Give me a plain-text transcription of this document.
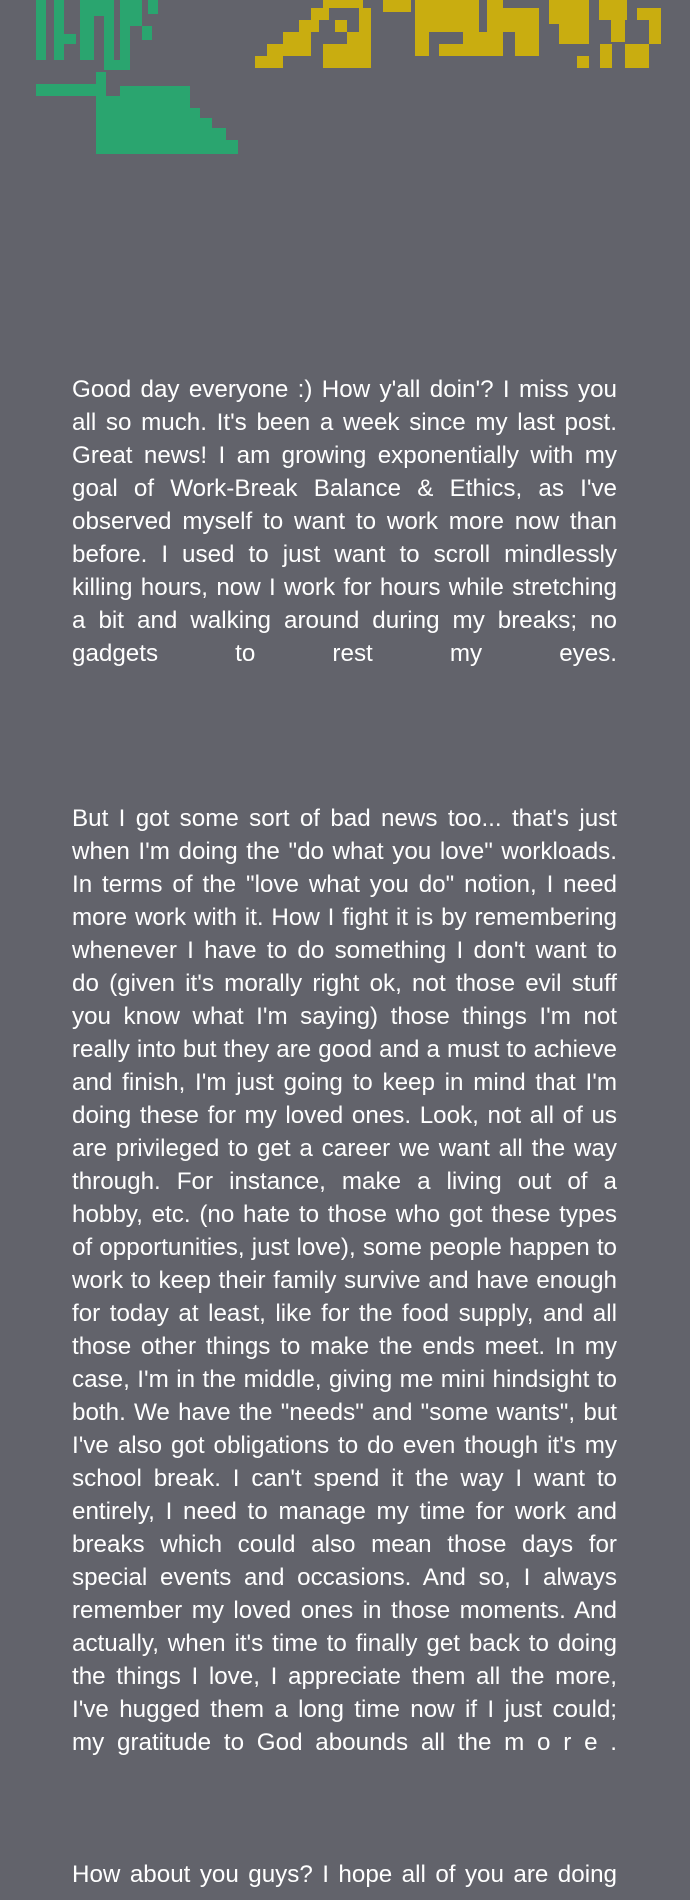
Good day everyone :) How y'all doin'? I miss you all so much. It's been a week since my last post. Great news! I am growing exponentially with my goal of Work-Break Balance & Ethics, as I've observed myself to want to work more now than before. I used to just want to scroll mindlessly killing hours, now I work for hours while stretching a bit and walking around during my breaks; no gadgets to rest my eyes.

But I got some sort of bad news too... that's just when I'm doing the "do what you love" workloads. In terms of the "love what you do" notion, I need more work with it. How I fight it is by remembering whenever I have to do something I don't want to do (given it's morally right ok, not those evil stuff you know what I'm saying) those things I'm not really into but they are good and a must to achieve and finish, I'm just going to keep in mind that I'm doing these for my loved ones. Look, not all of us are privileged to get a career we want all the way through. For instance, make a living out of a hobby, etc. (no hate to those who got these types of opportunities, just love), some people happen to work to keep their family survive and have enough for today at least, like for the food supply, and all those other things to make the ends meet. In my case, I'm in the middle, giving me mini hindsight to both. We have the "needs" and "some wants", but I've also got obligations to do even though it's my school break. I can't spend it the way I want to entirely, I need to manage my time for work and breaks which could also mean those days for special events and occasions. And so, I always remember my loved ones in those moments. And actually, when it's time to finally get back to doing the things I love, I appreciate them all the more, I've hugged them a long time now if I just could; my gratitude to God abounds all the m o r e .

How about you guys? I hope all of you are doing
